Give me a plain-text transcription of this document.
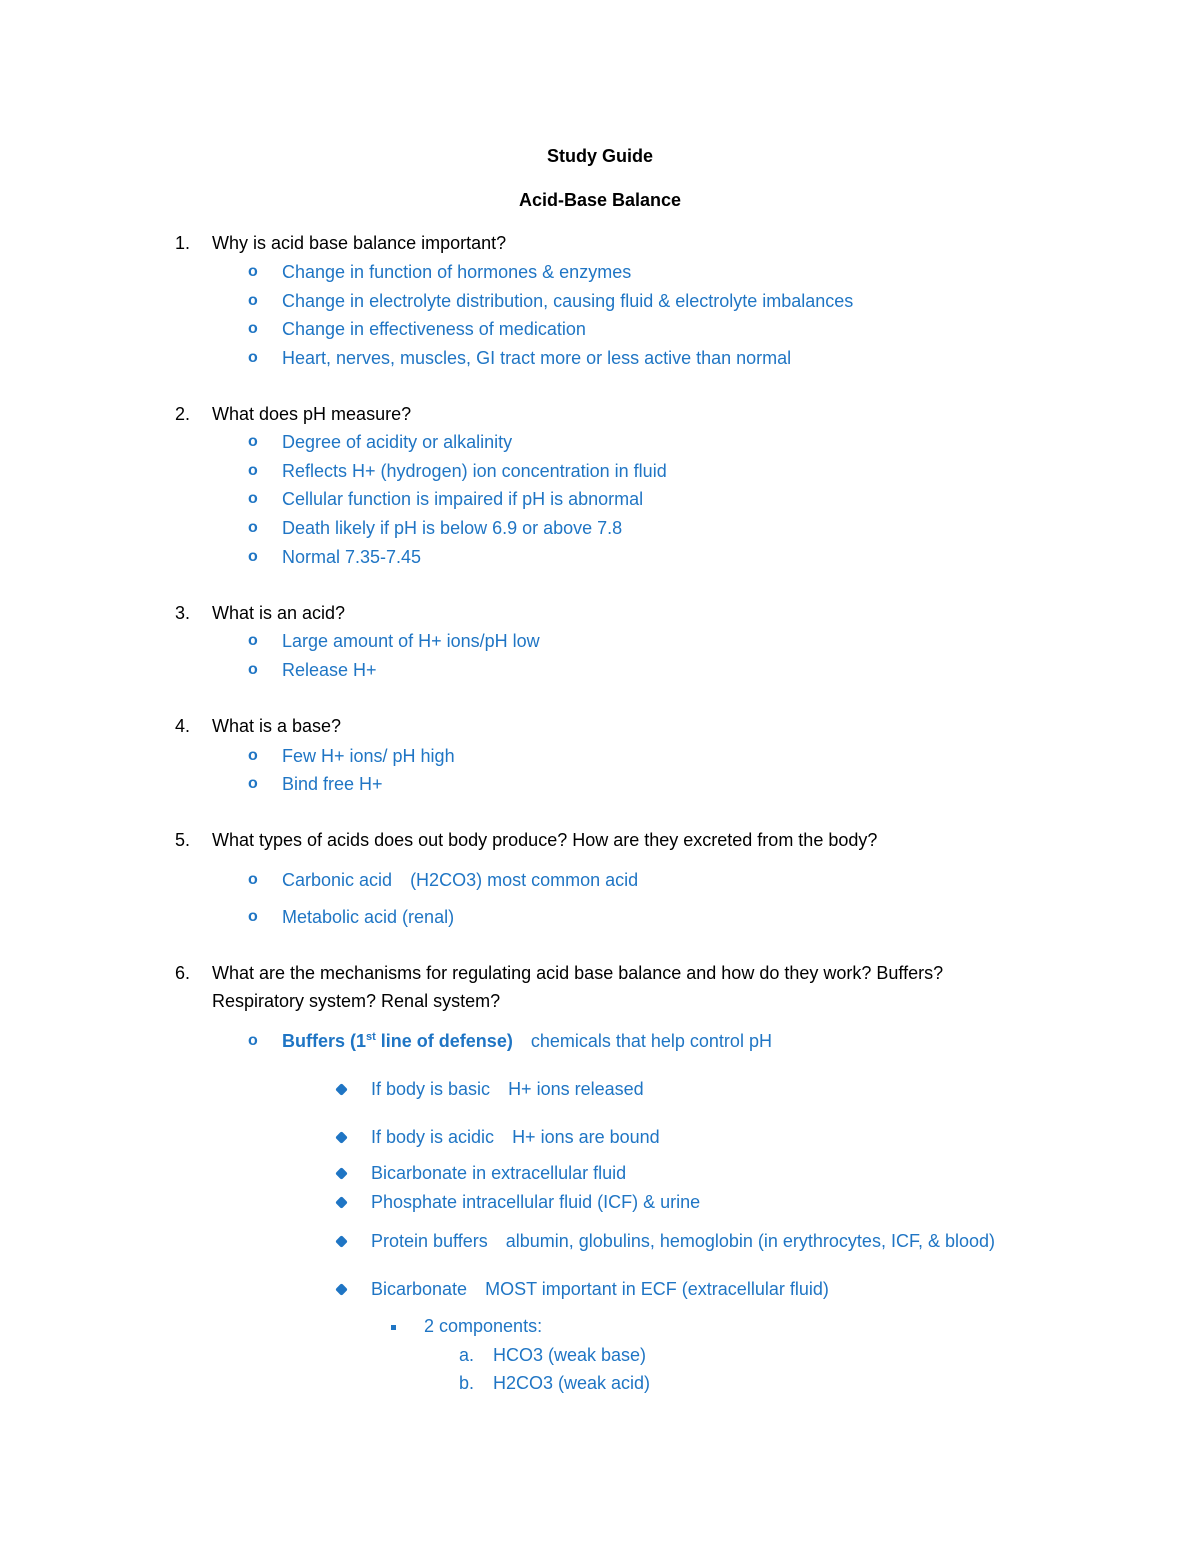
Study Guide
Acid-Base Balance
1. Why is acid base balance important?
o Change in function of hormones & enzymes
o Change in electrolyte distribution, causing fluid & electrolyte imbalances
o Change in effectiveness of medication
o Heart, nerves, muscles, GI tract more or less active than normal
2. What does pH measure?
o Degree of acidity or alkalinity
o Reflects H+ (hydrogen) ion concentration in fluid
o Cellular function is impaired if pH is abnormal
o Death likely if pH is below 6.9 or above 7.8
o Normal 7.35-7.45
3. What is an acid?
o Large amount of H+ ions/pH low
o Release H+
4. What is a base?
o Few H+ ions/ pH high
o Bind free H+
5. What types of acids does out body produce? How are they excreted from the body?
o Carbonic acid (H2CO3) most common acid
o Metabolic acid (renal)
6. What are the mechanisms for regulating acid base balance and how do they work? Buffers?
Respiratory system? Renal system?
o Buffers (1st line of defense) chemicals that help control pH
If body is basic H+ ions released
If body is acidic H+ ions are bound
Bicarbonate in extracellular fluid
Phosphate intracellular fluid (ICF) & urine
Protein buffers albumin, globulins, hemoglobin (in erythrocytes, ICF, & blood)
Bicarbonate MOST important in ECF (extracellular fluid)
2 components:
a. HCO3 (weak base)
b. H2CO3 (weak acid)
